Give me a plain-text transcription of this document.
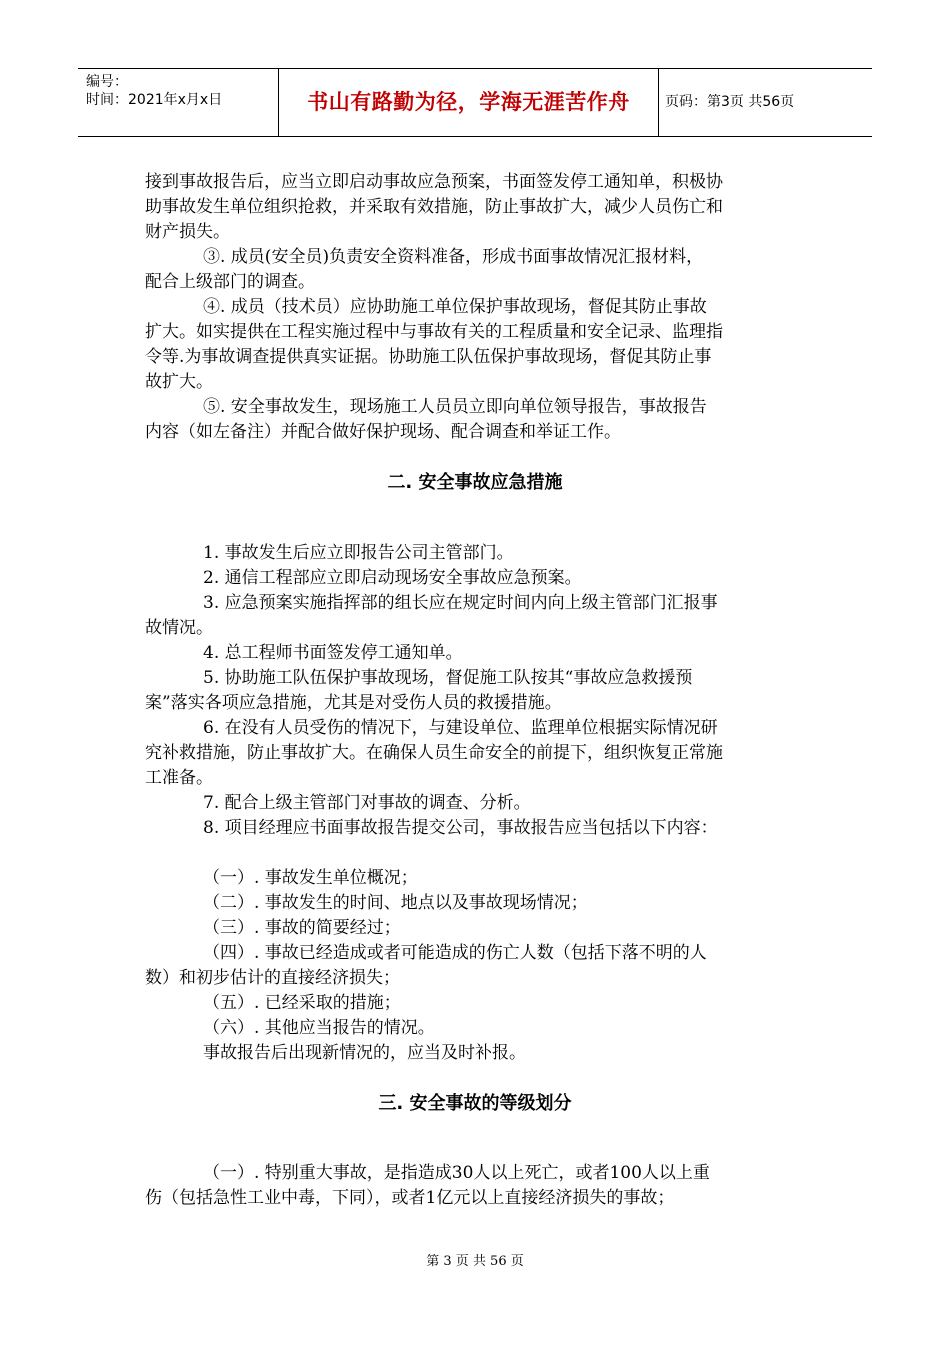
编号：
时间：2021年x月x日	书山有路勤为径，学海无涯苦作舟	页码：第3页 共56页

接到事故报告后，应当立即启动事故应急预案，书面签发停工通知单，积极协

助事故发生单位组织抢救，并采取有效措施，防止事故扩大，减少人员伤亡和

财产损失。

③. 成员(安全员)负责安全资料准备，形成书面事故情况汇报材料，

配合上级部门的调查。

④. 成员（技术员）应协助施工单位保护事故现场，督促其防止事故

扩大。如实提供在工程实施过程中与事故有关的工程质量和安全记录、监理指

令等.为事故调查提供真实证据。协助施工队伍保护事故现场，督促其防止事

故扩大。

⑤. 安全事故发生，现场施工人员员立即向单位领导报告，事故报告

内容（如左备注）并配合做好保护现场、配合调查和举证工作。

二. 安全事故应急措施

1. 事故发生后应立即报告公司主管部门。

2. 通信工程部应立即启动现场安全事故应急预案。

3. 应急预案实施指挥部的组长应在规定时间内向上级主管部门汇报事

故情况。

4. 总工程师书面签发停工通知单。

5. 协助施工队伍保护事故现场，督促施工队按其“事故应急救援预

案”落实各项应急措施，尤其是对受伤人员的救援措施。

6. 在没有人员受伤的情况下，与建设单位、监理单位根据实际情况研

究补救措施，防止事故扩大。在确保人员生命安全的前提下，组织恢复正常施

工准备。

7. 配合上级主管部门对事故的调查、分析。

8. 项目经理应书面事故报告提交公司，事故报告应当包括以下内容：

（一）. 事故发生单位概况；

（二）. 事故发生的时间、地点以及事故现场情况；

（三）. 事故的简要经过；

（四）. 事故已经造成或者可能造成的伤亡人数（包括下落不明的人

数）和初步估计的直接经济损失；

（五）. 已经采取的措施；

（六）. 其他应当报告的情况。

事故报告后出现新情况的，应当及时补报。

三. 安全事故的等级划分

（一）. 特别重大事故，是指造成30人以上死亡，或者100人以上重

伤（包括急性工业中毒，下同），或者1亿元以上直接经济损失的事故；

第 3 页 共 56 页
